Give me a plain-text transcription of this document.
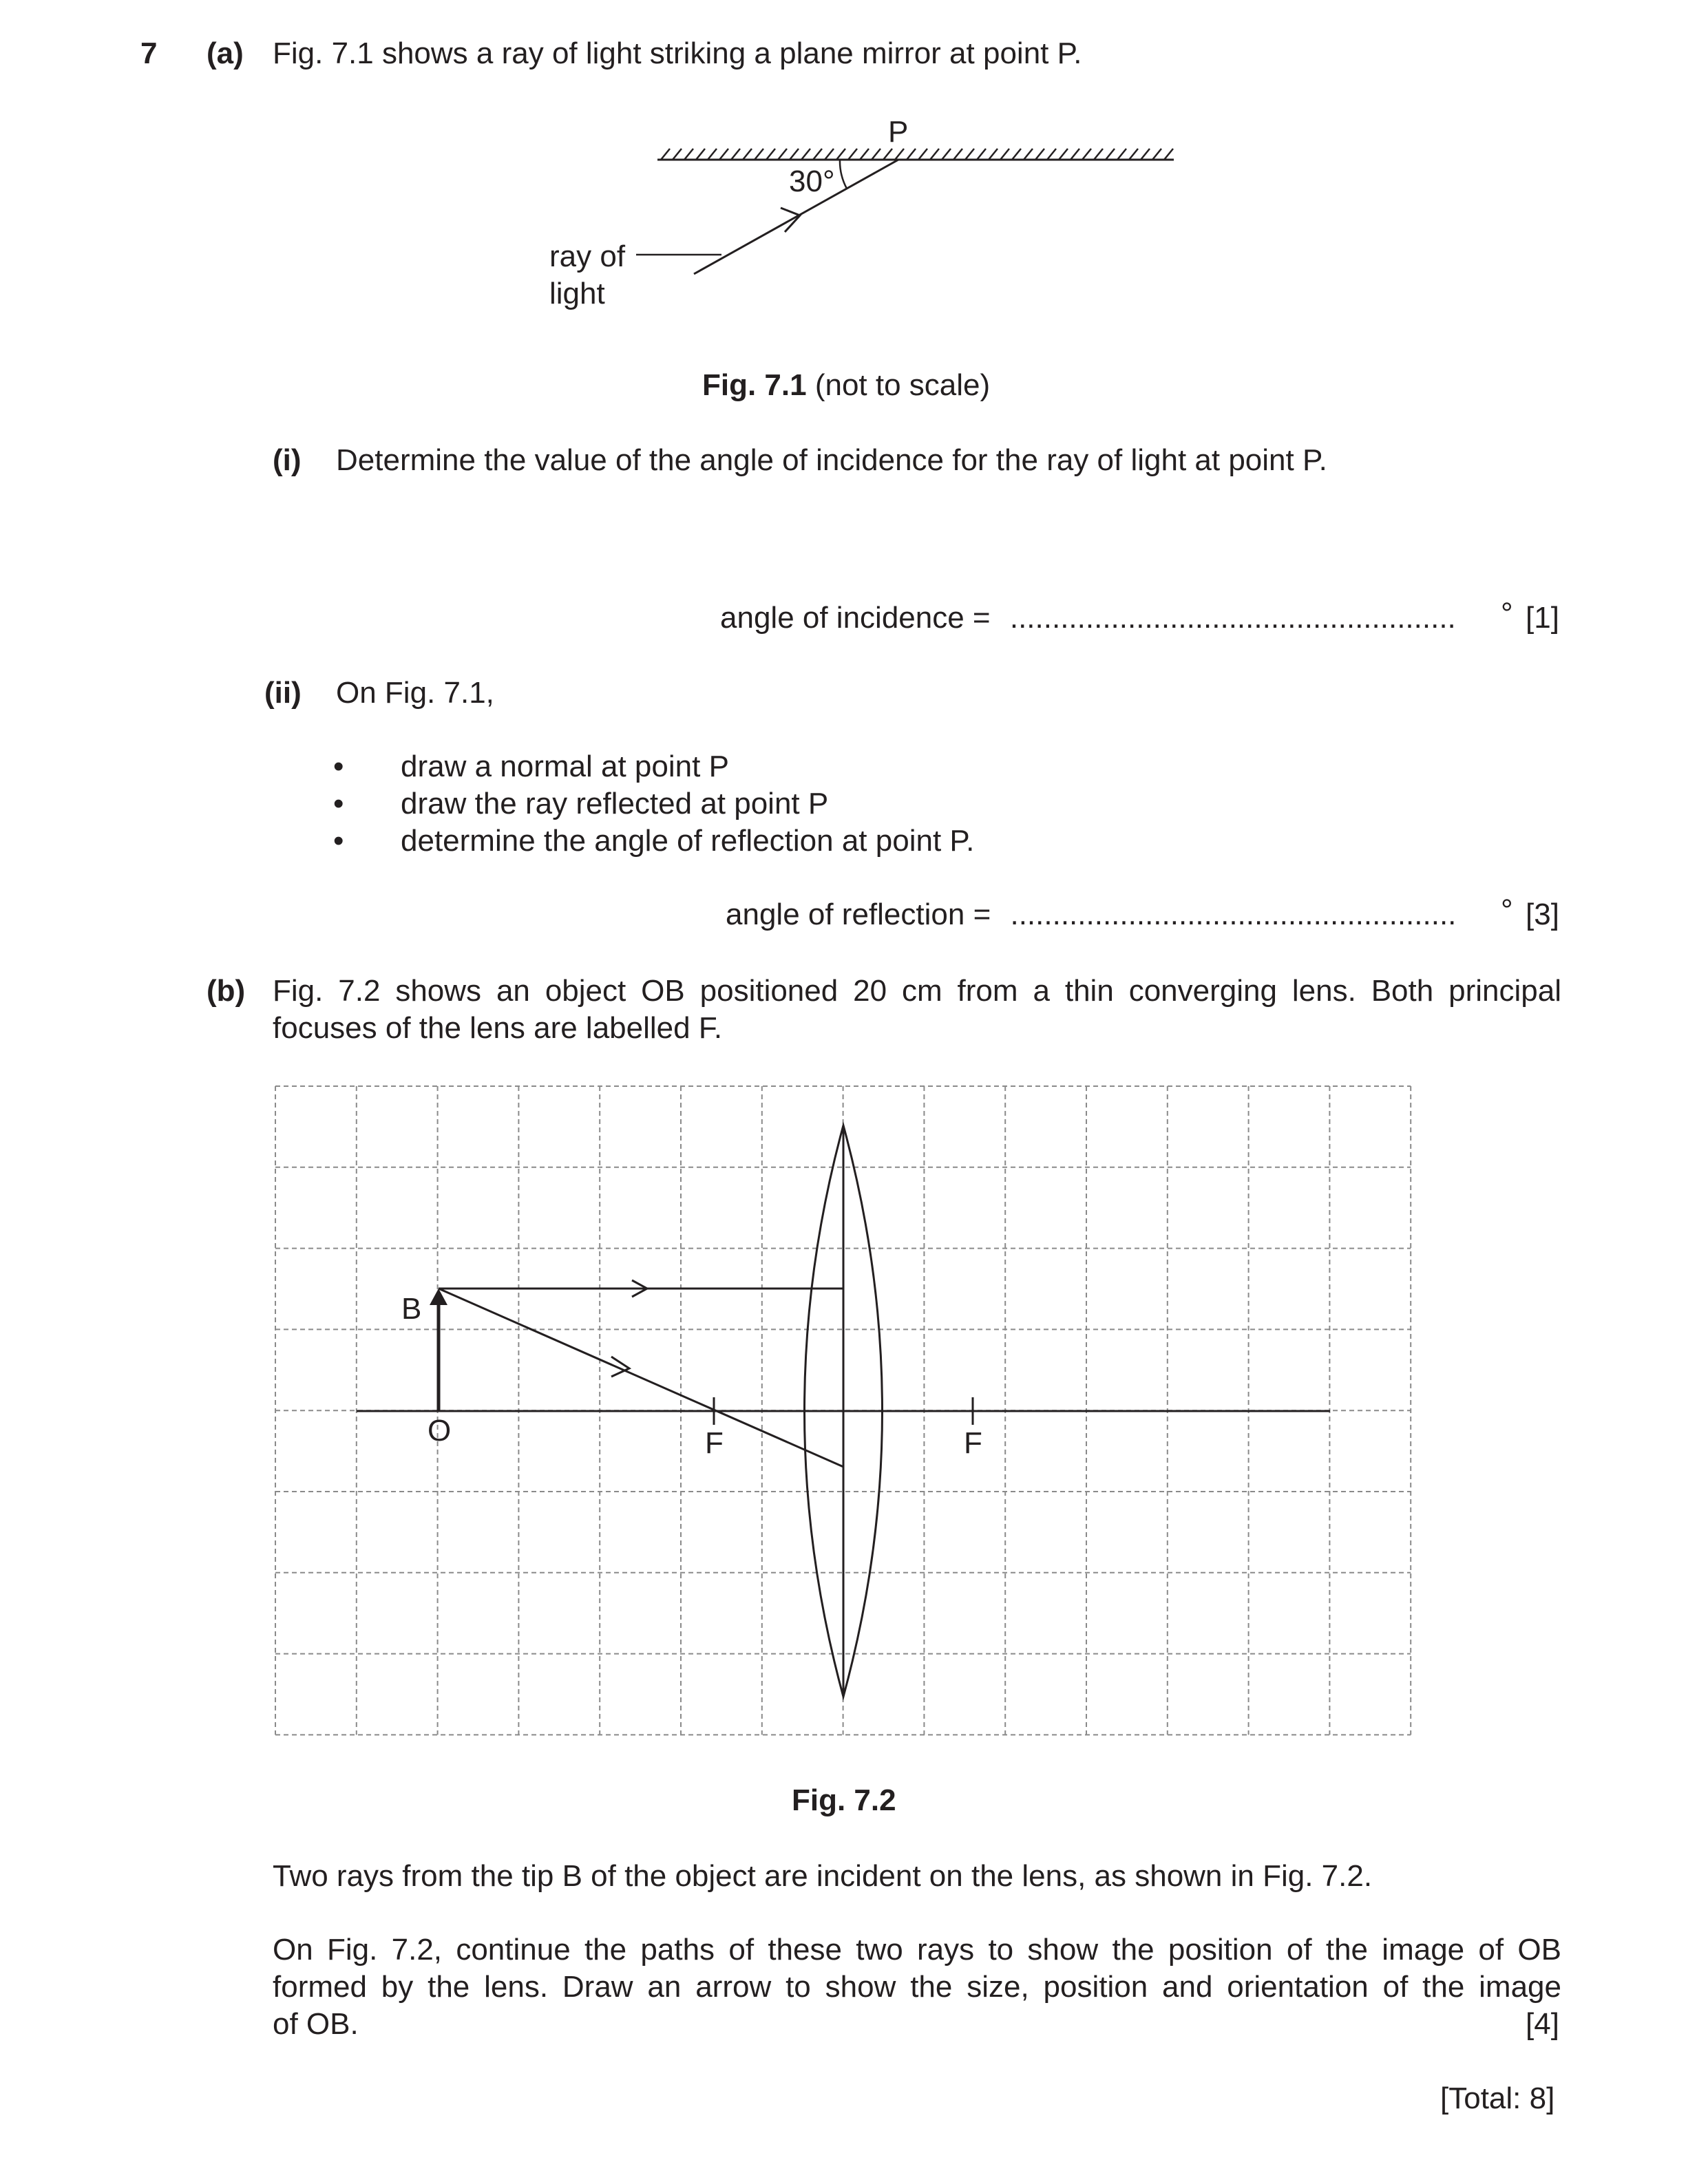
7 (a) Fig. 7.1 shows a ray of light striking a plane mirror at point P.
P
30°
ray of
light
Fig. 7.1 (not to scale)
(i) Determine the value of the angle of incidence for the ray of light at point P.
angle of incidence = ..................................................... ° [1]
(ii) On Fig. 7.1,
• draw a normal at point P
• draw the ray reflected at point P
• determine the angle of reflection at point P.
angle of reflection = ..................................................... ° [3]
(b) Fig. 7.2 shows an object OB positioned 20 cm from a thin converging lens. Both principal
focuses of the lens are labelled F.
B
O	F	F
Fig. 7.2
Two rays from the tip B of the object are incident on the lens, as shown in Fig. 7.2.
On Fig. 7.2, continue the paths of these two rays to show the position of the image of OB
formed by the lens. Draw an arrow to show the size, position and orientation of the image
of OB.	[4]
[Total: 8]
